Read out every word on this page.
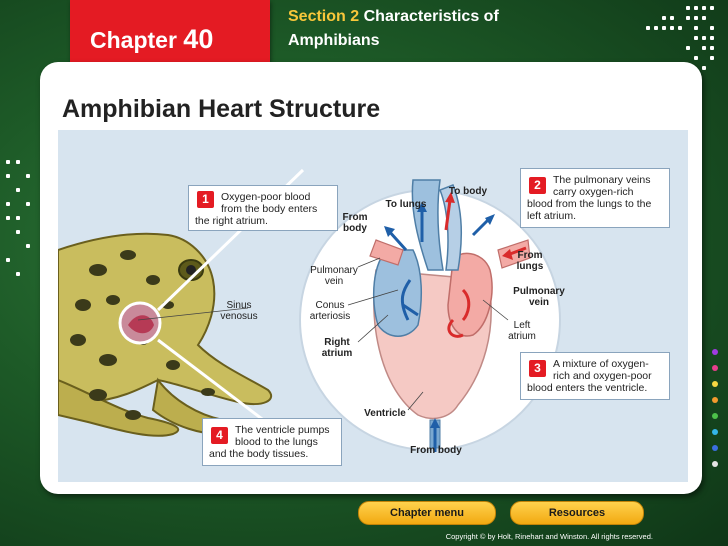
Chapter 40
Section 2 Characteristics of
Amphibians
Amphibian Heart Structure
1	Oxygen-poor blood
from the body enters
the right atrium.
2	The pulmonary veins
carry oxygen-rich
blood from the lungs to the
left atrium.
3	A mixture of oxygen-
rich and oxygen-poor
blood enters the ventricle.
4	The ventricle pumps
blood to the lungs
and the body tissues.
Sinus
venosus
To body
To lungs
From
body
Pulmonary
vein
Conus
arteriosis
Right
atrium
Ventricle
From body
From
lungs
Pulmonary
vein
Left
atrium
Chapter menu	Resources
Copyright © by Holt, Rinehart and Winston. All rights reserved.
